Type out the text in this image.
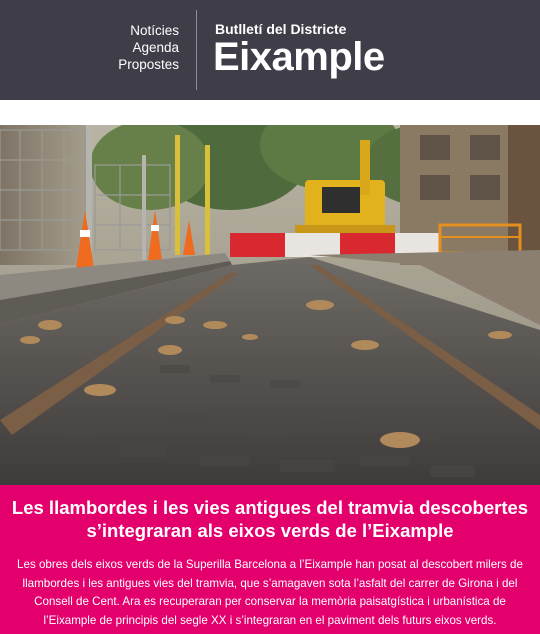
Notícies
Agenda
Propostes
Butlletí del Districte
Eixample
Les llambordes i les vies antigues del tramvia descobertes s’integraran als eixos verds de l’Eixample

Les obres dels eixos verds de la Superilla Barcelona a l’Eixample han posat al descobert milers de llambordes i les antigues vies del tramvia, que s’amagaven sota l’asfalt del carrer de Girona i del Consell de Cent. Ara es recuperaran per conservar la memòria paisatgística i urbanística de l’Eixample de principis del segle XX i s’integraran en el paviment dels futurs eixos verds.
